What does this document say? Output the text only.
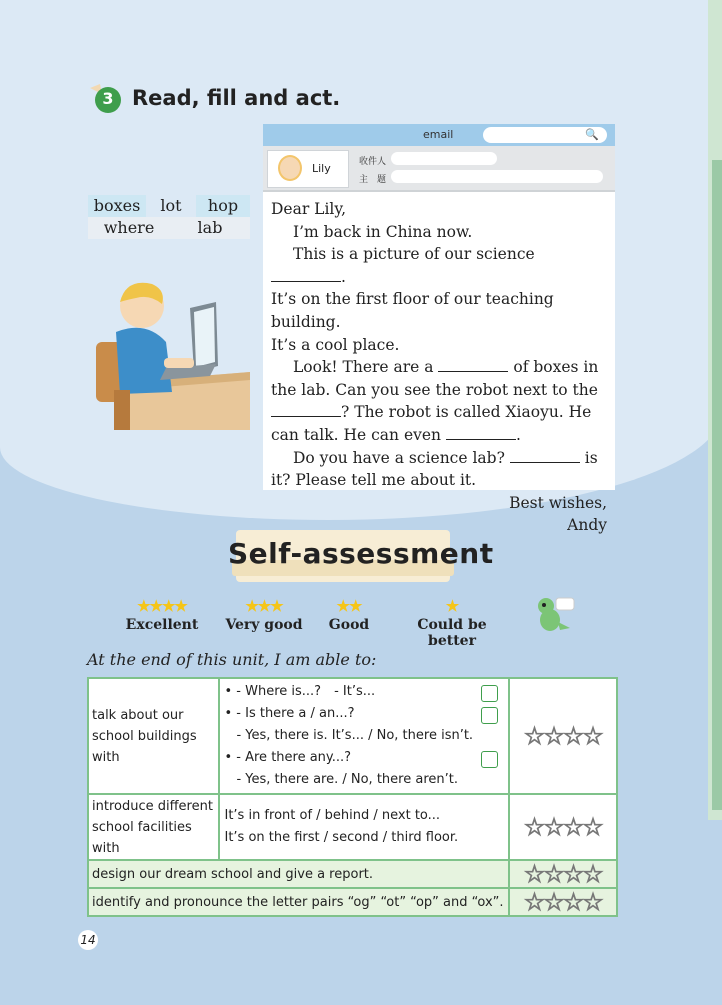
3 Read, fill and act.
boxes	lot	hop
where	lab
email	🔍
Lily	收件人
主　题

Dear Lily,

I’m back in China now.

This is a picture of our science .

It’s on the first floor of our teaching building.

It’s a cool place.

Look! There are a	of boxes in

the lab. Can you see the robot next to the

? The robot is called Xiaoyu. He

can talk. He can even	.

Do you have a science lab?	is

it? Please tell me about it.

Best wishes,

Andy

Self-assessment
★★★★
Excellent
★★★
Very good
★★
Good
★
Could be better
At the end of this unit, I am able to:
talk about our school buildings with	• - Where is...?　- It’s...
• - Is there a / an...?
- Yes, there is. It’s... / No, there isn’t.
• - Are there any...?
- Yes, there are. / No, there aren’t.	☆☆☆☆
introduce different school facilities with	It’s in front of / behind / next to...
It’s on the first / second / third floor.	☆☆☆☆
design our dream school and give a report.		☆☆☆☆
identify and pronounce the letter pairs “og” “ot” “op” and “ox”.		☆☆☆☆
14
